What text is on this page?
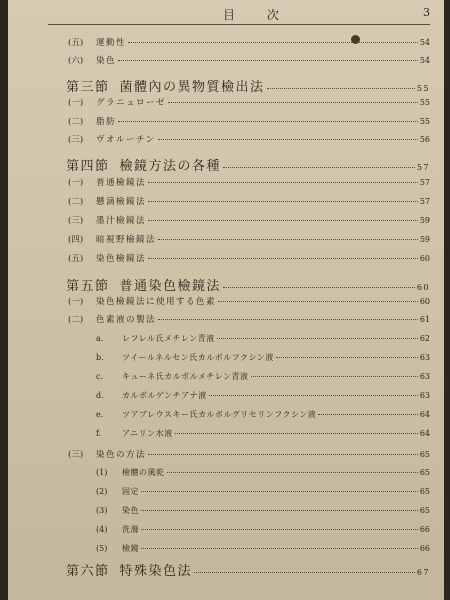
目 次	3
(五)	運動性	54
(六)	染色	54
第三節 菌體內の異物質檢出法	55
(一)	グラニュローゼ	55
(二)	脂肪	55
(三)	ヴオルーチン	56
第四節 檢鏡方法の各種	57
(一)	普通檢鏡法	57
(二)	懸滴檢鏡法	57
(三)	墨汁檢鏡法	59
(四)	暗視野檢鏡法	59
(五)	染色檢鏡法	60
第五節 普通染色檢鏡法	60
(一)	染色檢鏡法に使用する色素	60
(二)	色素液の製法	61
a.	レフレル氏メチレン青液	62
b.	ツイールネルセン氏カルボルフクシン液	63
c.	キューネ氏カルボルメチレン青液	63
d.	カルボルゲンチアナ液	63
e.	ツアプレウスキー氏カルボルグリセリンフクシン液	64
f.	アニリン水液	64
(三)	染色の方法	65
(1)	檢體の風乾	65
(2)	固定	65
(3)	染色	65
(4)	洗滌	66
(5)	檢鏡	66
第六節 特殊染色法	67
